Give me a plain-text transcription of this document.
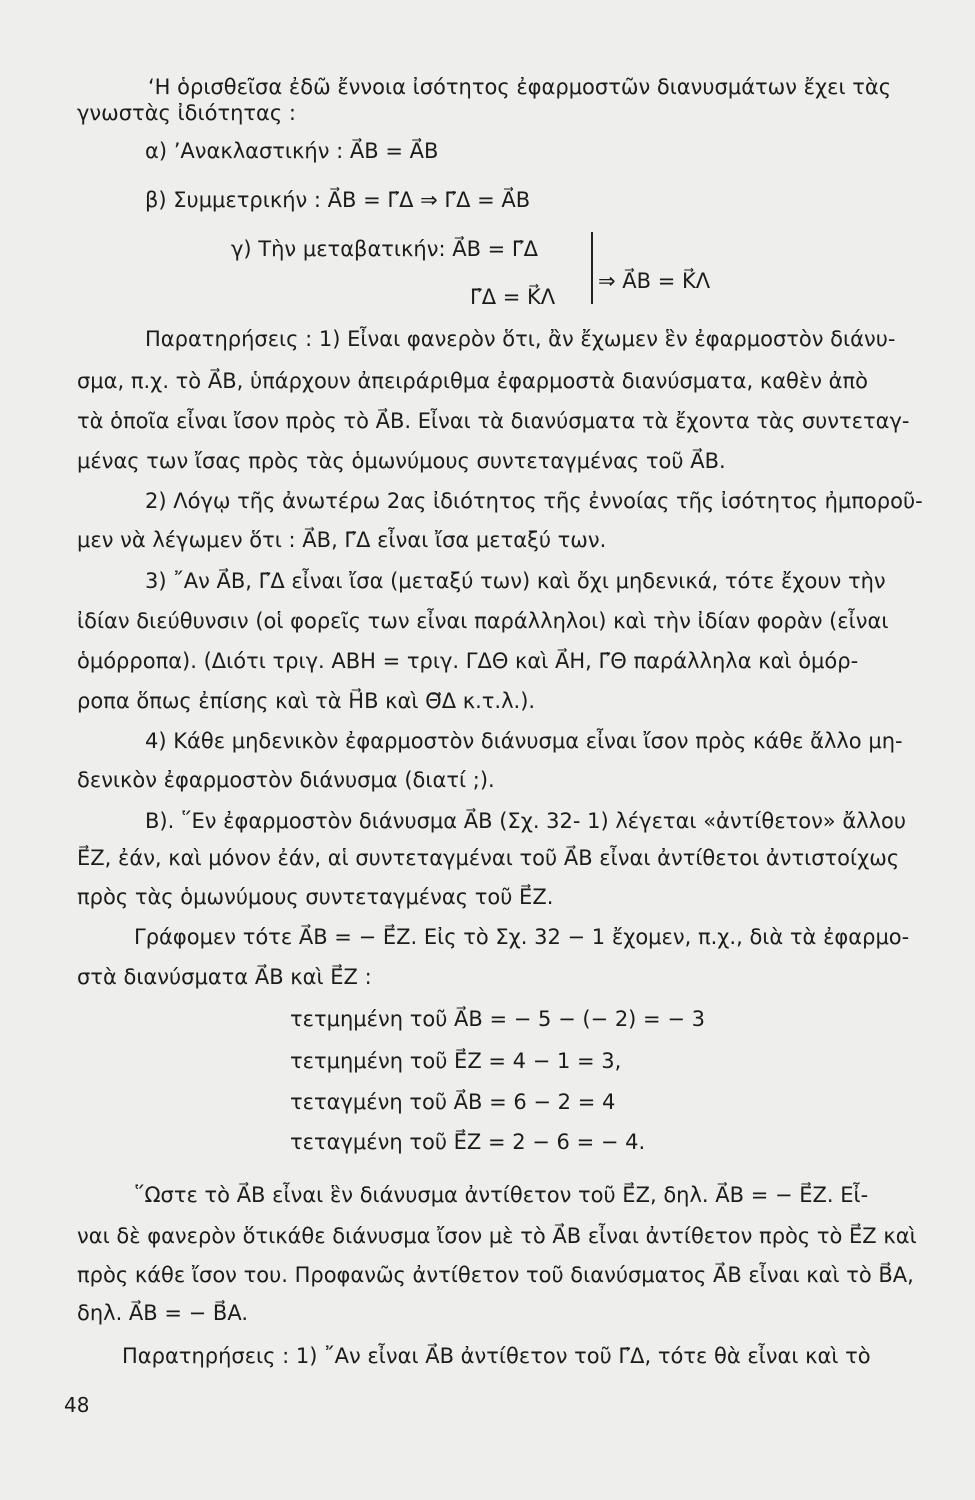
‘Η ὁρισθεῖσα ἐδῶ ἔννοια ἰσότητος ἐφαρμοστῶν διανυσμάτων ἔχει τὰς
γνωστὰς ἰδιότητας :
α) ’Ανακλαστικήν : A⃗B = A⃗B
β) Συμμετρικήν : A⃗B = Γ⃗Δ ⇒ Γ⃗Δ = A⃗B
γ) Τὴν μεταβατικήν: A⃗B = Γ⃗Δ
Γ⃗Δ = K⃗Λ
⇒ A⃗B = K⃗Λ
Παρατηρήσεις : 1) Εἶναι φανερὸν ὅτι, ἂν ἔχωμεν ἓν ἐφαρμοστὸν διάνυ-
σμα, π.χ. τὸ A⃗B, ὑπάρχουν ἀπειράριθμα ἐφαρμοστὰ διανύσματα, καθὲν ἀπὸ
τὰ ὁποῖα εἶναι ἴσον πρὸς τὸ A⃗B. Εἶναι τὰ διανύσματα τὰ ἔχοντα τὰς συντεταγ-
μένας των ἴσας πρὸς τὰς ὁμωνύμους συντεταγμένας τοῦ A⃗B.
2) Λόγῳ τῆς ἀνωτέρω 2ας ἰδιότητος τῆς ἐννοίας τῆς ἰσότητος ἠμποροῦ-
μεν νὰ λέγωμεν ὅτι : A⃗B, Γ⃗Δ εἶναι ἴσα μεταξύ των.
3) ῎Αν A⃗B, Γ⃗Δ εἶναι ἴσα (μεταξύ των) καὶ ὄχι μηδενικά, τότε ἔχουν τὴν
ἰδίαν διεύθυνσιν (οἱ φορεῖς των εἶναι παράλληλοι) καὶ τὴν ἰδίαν φορὰν (εἶναι
ὁμόρροπα). (Διότι τριγ. ΑΒΗ = τριγ. ΓΔΘ καὶ A⃗H, Γ⃗Θ παράλληλα καὶ ὁμόρ-
ροπα ὅπως ἐπίσης καὶ τὰ H⃗B καὶ Θ⃗Δ κ.τ.λ.).
4) Κάθε μηδενικὸν ἐφαρμοστὸν διάνυσμα εἶναι ἴσον πρὸς κάθε ἄλλο μη-
δενικὸν ἐφαρμοστὸν διάνυσμα (διατί ;).
B). ῞Εν ἐφαρμοστὸν διάνυσμα A⃗B (Σχ. 32- 1) λέγεται «ἀντίθετον» ἄλλου
E⃗Z, ἐάν, καὶ μόνον ἐάν, αἱ συντεταγμέναι τοῦ A⃗B εἶναι ἀντίθετοι ἀντιστοίχως
πρὸς τὰς ὁμωνύμους συντεταγμένας τοῦ E⃗Z.
Γράφομεν τότε A⃗B = − E⃗Z. Εἰς τὸ Σχ. 32 − 1 ἔχομεν, π.χ., διὰ τὰ ἐφαρμο-
στὰ διανύσματα A⃗B καὶ E⃗Z :
τετμημένη τοῦ A⃗B = − 5 − (− 2) = − 3
τετμημένη τοῦ E⃗Z = 4 − 1 = 3,
τεταγμένη τοῦ A⃗B = 6 − 2 = 4
τεταγμένη τοῦ E⃗Z = 2 − 6 = − 4.
῞Ωστε τὸ A⃗B εἶναι ἓν διάνυσμα ἀντίθετον τοῦ E⃗Z, δηλ. A⃗B = − E⃗Z. Εἶ-
ναι δὲ φανερὸν ὅτικάθε διάνυσμα ἴσον μὲ τὸ A⃗B εἶναι ἀντίθετον πρὸς τὸ E⃗Z καὶ
πρὸς κάθε ἴσον του. Προφανῶς ἀντίθετον τοῦ διανύσματος A⃗B εἶναι καὶ τὸ B⃗A,
δηλ. A⃗B = − B⃗A.
Παρατηρήσεις : 1) ῎Αν εἶναι A⃗B ἀντίθετον τοῦ Γ⃗Δ, τότε θὰ εἶναι καὶ τὸ
48
